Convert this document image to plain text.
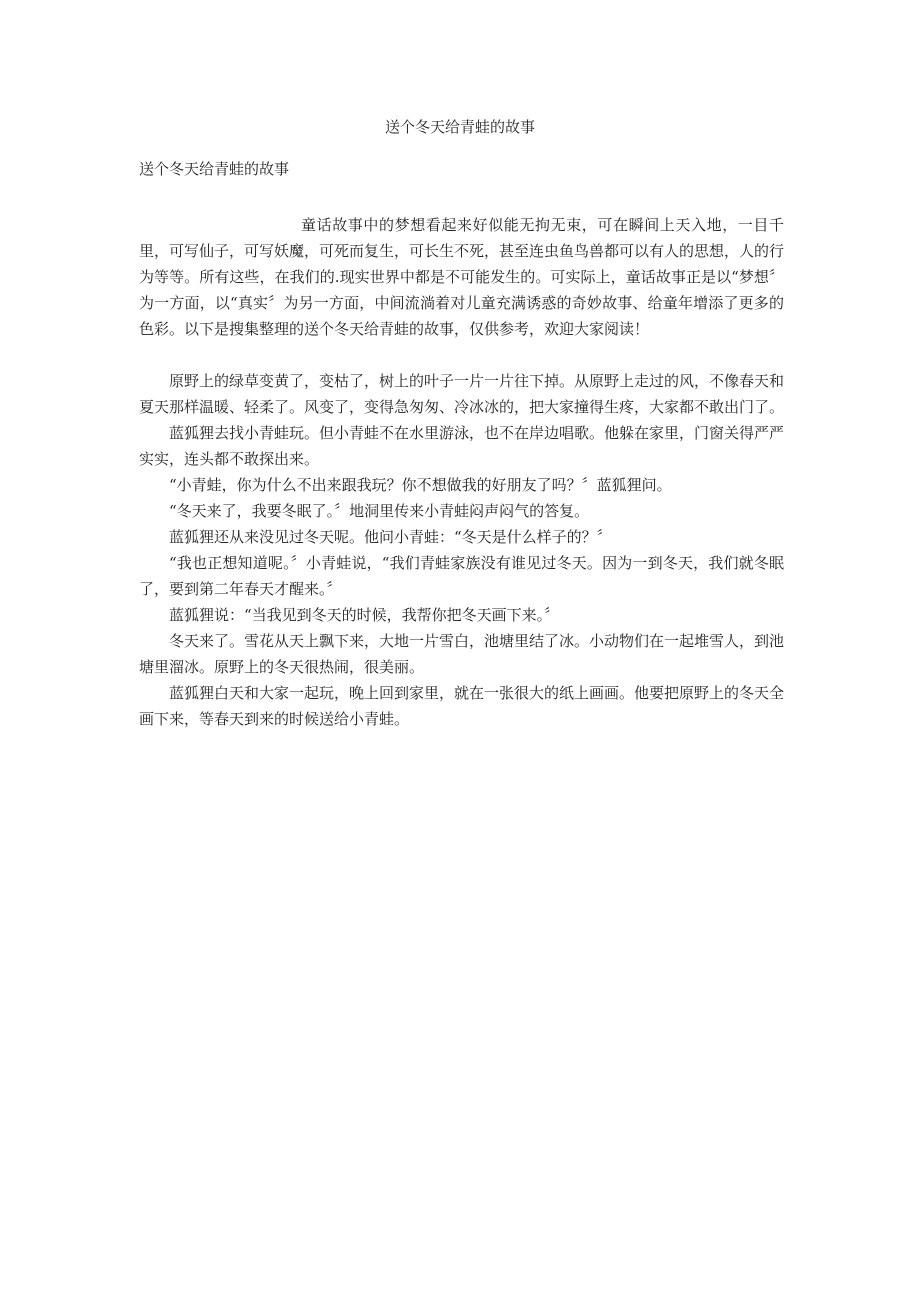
送个冬天给青蛙的故事
送个冬天给青蛙的故事

童话故事中的梦想看起来好似能无拘无束，可在瞬间上天入地，一目千里，可写仙子，可写妖魔，可死而复生，可长生不死，甚至连虫鱼鸟兽都可以有人的思想，人的行为等等。所有这些，在我们的.现实世界中都是不可能发生的。可实际上，童话故事正是以“梦想〞为一方面，以“真实〞为另一方面，中间流淌着对儿童充满诱惑的奇妙故事、给童年增添了更多的色彩。以下是搜集整理的送个冬天给青蛙的故事，仅供参考，欢迎大家阅读！

原野上的绿草变黄了，变枯了，树上的叶子一片一片往下掉。从原野上走过的风，不像春天和夏天那样温暖、轻柔了。风变了，变得急匆匆、冷冰冰的，把大家撞得生疼，大家都不敢出门了。

蓝狐狸去找小青蛙玩。但小青蛙不在水里游泳，也不在岸边唱歌。他躲在家里，门窗关得严严实实，连头都不敢探出来。

“小青蛙，你为什么不出来跟我玩？你不想做我的好朋友了吗？〞蓝狐狸问。

“冬天来了，我要冬眠了。〞地洞里传来小青蛙闷声闷气的答复。

蓝狐狸还从来没见过冬天呢。他问小青蛙：“冬天是什么样子的？〞

“我也正想知道呢。〞小青蛙说，“我们青蛙家族没有谁见过冬天。因为一到冬天，我们就冬眠了，要到第二年春天才醒来。〞

蓝狐狸说：“当我见到冬天的时候，我帮你把冬天画下来。〞

冬天来了。雪花从天上飘下来，大地一片雪白，池塘里结了冰。小动物们在一起堆雪人，到池塘里溜冰。原野上的冬天很热闹，很美丽。

蓝狐狸白天和大家一起玩，晚上回到家里，就在一张很大的纸上画画。他要把原野上的冬天全画下来，等春天到来的时候送给小青蛙。
